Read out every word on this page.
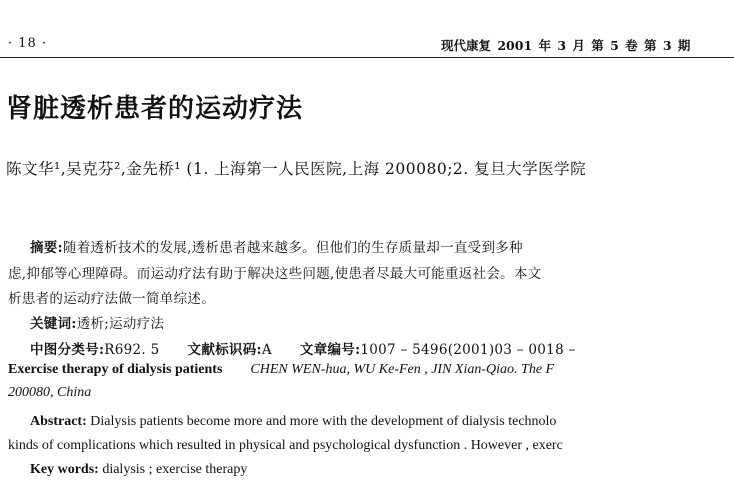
· 18 ·	现代康复 2001 年 3 月 第 5 卷 第 3 期
肾脏透析患者的运动疗法
陈文华¹,吴克芬²,金先桥¹ (1. 上海第一人民医院,上海 200080;2. 复旦大学医学院
摘要:随着透析技术的发展,透析患者越来越多。但他们的生存质量却一直受到多种
虑,抑郁等心理障碍。而运动疗法有助于解决这些问题,使患者尽最大可能重返社会。本文
析患者的运动疗法做一简单综述。
关键词:透析;运动疗法
中图分类号:R692. 5 文献标识码:A 文章编号:1007 – 5496(2001)03 – 0018 –
Exercise therapy of dialysis patients CHEN WEN-hua, WU Ke-Fen , JIN Xian-Qiao. The F
200080, China
Abstract: Dialysis patients become more and more with the development of dialysis technolo
kinds of complications which resulted in physical and psychological dysfunction . However , exerc
Key words: dialysis ; exercise therapy
